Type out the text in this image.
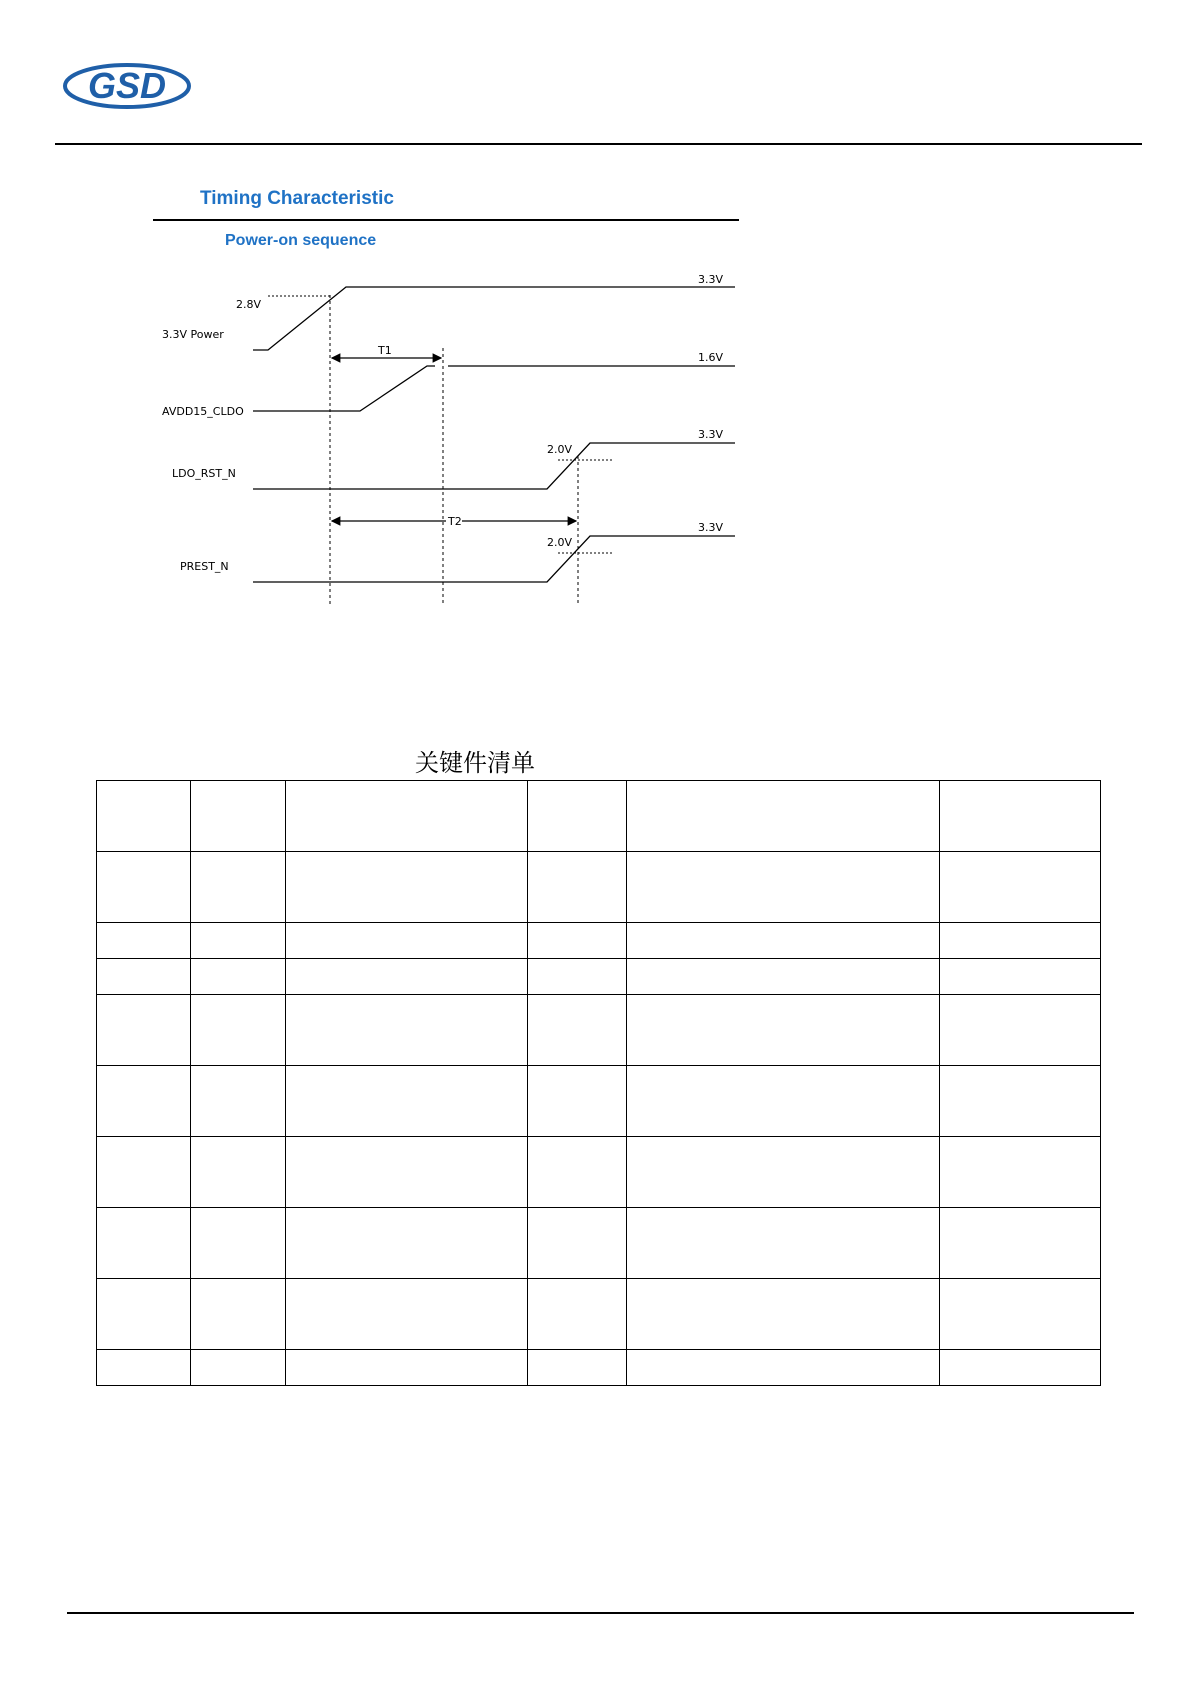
GSD
Timing Characteristic
Power-on sequence
2.8V
3.3V
3.3V Power
T1
1.6V
AVDD15_CLDO
2.0V
3.3V
LDO_RST_N
T2
2.0V
3.3V
PREST_N
关键件清单
